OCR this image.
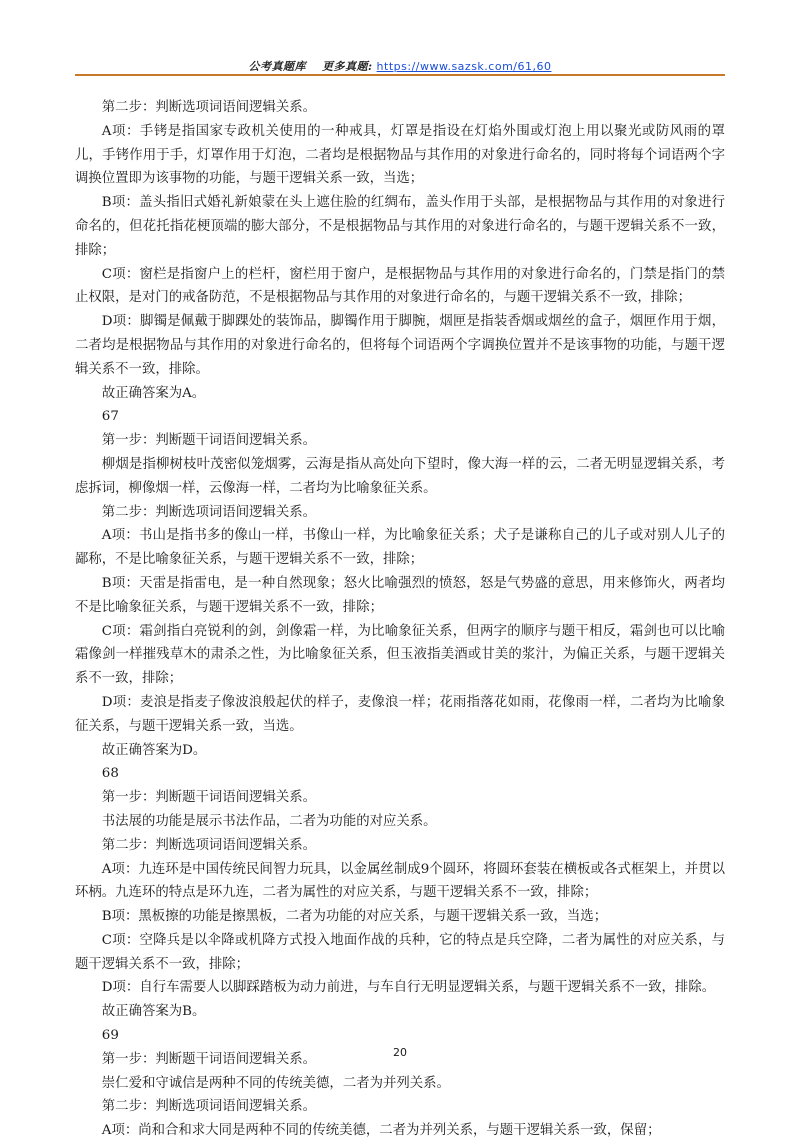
公考真题库 更多真题: https://www.sazsk.com/61,60

第二步：判断选项词语间逻辑关系。

A项：手铐是指国家专政机关使用的一种戒具，灯罩是指设在灯焰外围或灯泡上用以聚光或防风雨的罩儿，手铐作用于手，灯罩作用于灯泡，二者均是根据物品与其作用的对象进行命名的，同时将每个词语两个字调换位置即为该事物的功能，与题干逻辑关系一致，当选；

B项：盖头指旧式婚礼新娘蒙在头上遮住脸的红绸布，盖头作用于头部，是根据物品与其作用的对象进行命名的，但花托指花梗顶端的膨大部分，不是根据物品与其作用的对象进行命名的，与题干逻辑关系不一致，排除；

C项：窗栏是指窗户上的栏杆，窗栏用于窗户，是根据物品与其作用的对象进行命名的，门禁是指门的禁止权限，是对门的戒备防范，不是根据物品与其作用的对象进行命名的，与题干逻辑关系不一致，排除；

D项：脚镯是佩戴于脚踝处的装饰品，脚镯作用于脚腕，烟匣是指装香烟或烟丝的盒子，烟匣作用于烟，二者均是根据物品与其作用的对象进行命名的，但将每个词语两个字调换位置并不是该事物的功能，与题干逻辑关系不一致，排除。

故正确答案为A。

67

第一步：判断题干词语间逻辑关系。

柳烟是指柳树枝叶茂密似笼烟雾，云海是指从高处向下望时，像大海一样的云，二者无明显逻辑关系，考虑拆词，柳像烟一样，云像海一样，二者均为比喻象征关系。

第二步：判断选项词语间逻辑关系。

A项：书山是指书多的像山一样，书像山一样，为比喻象征关系；犬子是谦称自己的儿子或对别人儿子的鄙称，不是比喻象征关系，与题干逻辑关系不一致，排除；

B项：天雷是指雷电，是一种自然现象；怒火比喻强烈的愤怒，怒是气势盛的意思，用来修饰火，两者均不是比喻象征关系，与题干逻辑关系不一致，排除；

C项：霜剑指白亮锐利的剑，剑像霜一样，为比喻象征关系，但两字的顺序与题干相反，霜剑也可以比喻霜像剑一样摧残草木的肃杀之性，为比喻象征关系，但玉液指美酒或甘美的浆汁，为偏正关系，与题干逻辑关系不一致，排除；

D项：麦浪是指麦子像波浪般起伏的样子，麦像浪一样；花雨指落花如雨，花像雨一样，二者均为比喻象征关系，与题干逻辑关系一致，当选。

故正确答案为D。

68

第一步：判断题干词语间逻辑关系。

书法展的功能是展示书法作品，二者为功能的对应关系。

第二步：判断选项词语间逻辑关系。

A项：九连环是中国传统民间智力玩具，以金属丝制成9个圆环，将圆环套装在横板或各式框架上，并贯以环柄。九连环的特点是环九连，二者为属性的对应关系，与题干逻辑关系不一致，排除；

B项：黑板擦的功能是擦黑板，二者为功能的对应关系，与题干逻辑关系一致，当选；

C项：空降兵是以伞降或机降方式投入地面作战的兵种，它的特点是兵空降，二者为属性的对应关系，与题干逻辑关系不一致，排除；

D项：自行车需要人以脚踩踏板为动力前进，与车自行无明显逻辑关系，与题干逻辑关系不一致，排除。

故正确答案为B。

69

第一步：判断题干词语间逻辑关系。

崇仁爱和守诚信是两种不同的传统美德，二者为并列关系。

第二步：判断选项词语间逻辑关系。

A项：尚和合和求大同是两种不同的传统美德，二者为并列关系，与题干逻辑关系一致，保留；

20
